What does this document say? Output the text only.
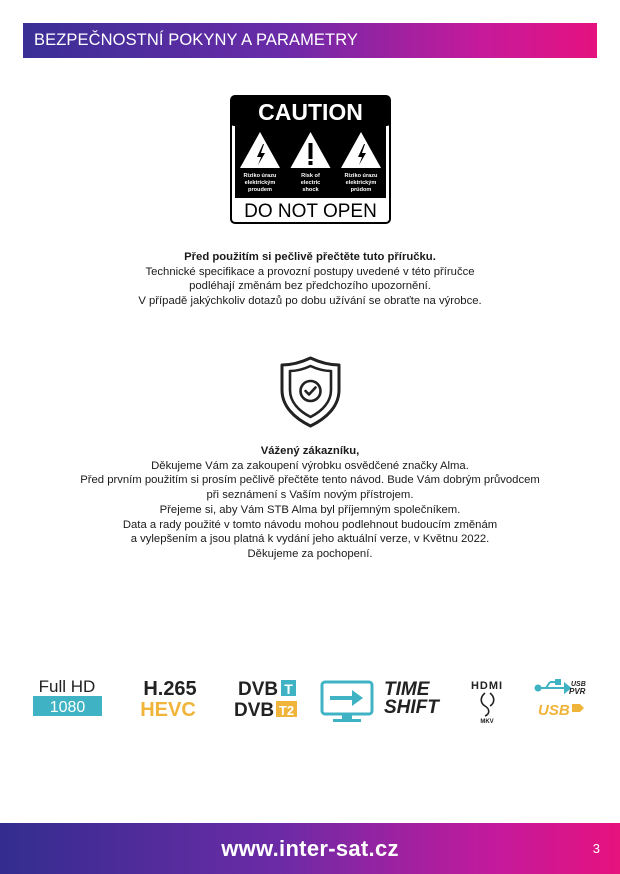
BEZPEČNOSTNÍ POKYNY A PARAMETRY
CAUTION
Riziko úrazu
elektrickým
proudem
Risk of
electric
shock
Riziko úrazu
elektrickým
prúdom
DO NOT OPEN
Před použitím si pečlivě přečtěte tuto příručku.
Technické specifikace a provozní postupy uvedené v této příručce
podléhají změnám bez předchozího upozornění.
V případě jakýchkoliv dotazů po dobu užívání se obraťte na výrobce.
Vážený zákazníku,
Děkujeme Vám za zakoupení výrobku osvědčené značky Alma.
Před prvním použitím si prosím pečlivě přečtěte tento návod. Bude Vám dobrým průvodcem
při seznámení s Vaším novým přístrojem.
Přejeme si, aby Vám STB Alma byl příjemným společníkem.
Data a rady použité v tomto návodu mohou podlehnout budoucím změnám
a vylepšením a jsou platná k vydání jeho aktuální verze, v Květnu 2022.
Děkujeme za pochopení.
Full HD
1080
H.265
HEVC
DVB T
DVB T2
TIME
SHIFT
HDMI
MKV
USB
PVR
USB
www.inter-sat.cz	3
